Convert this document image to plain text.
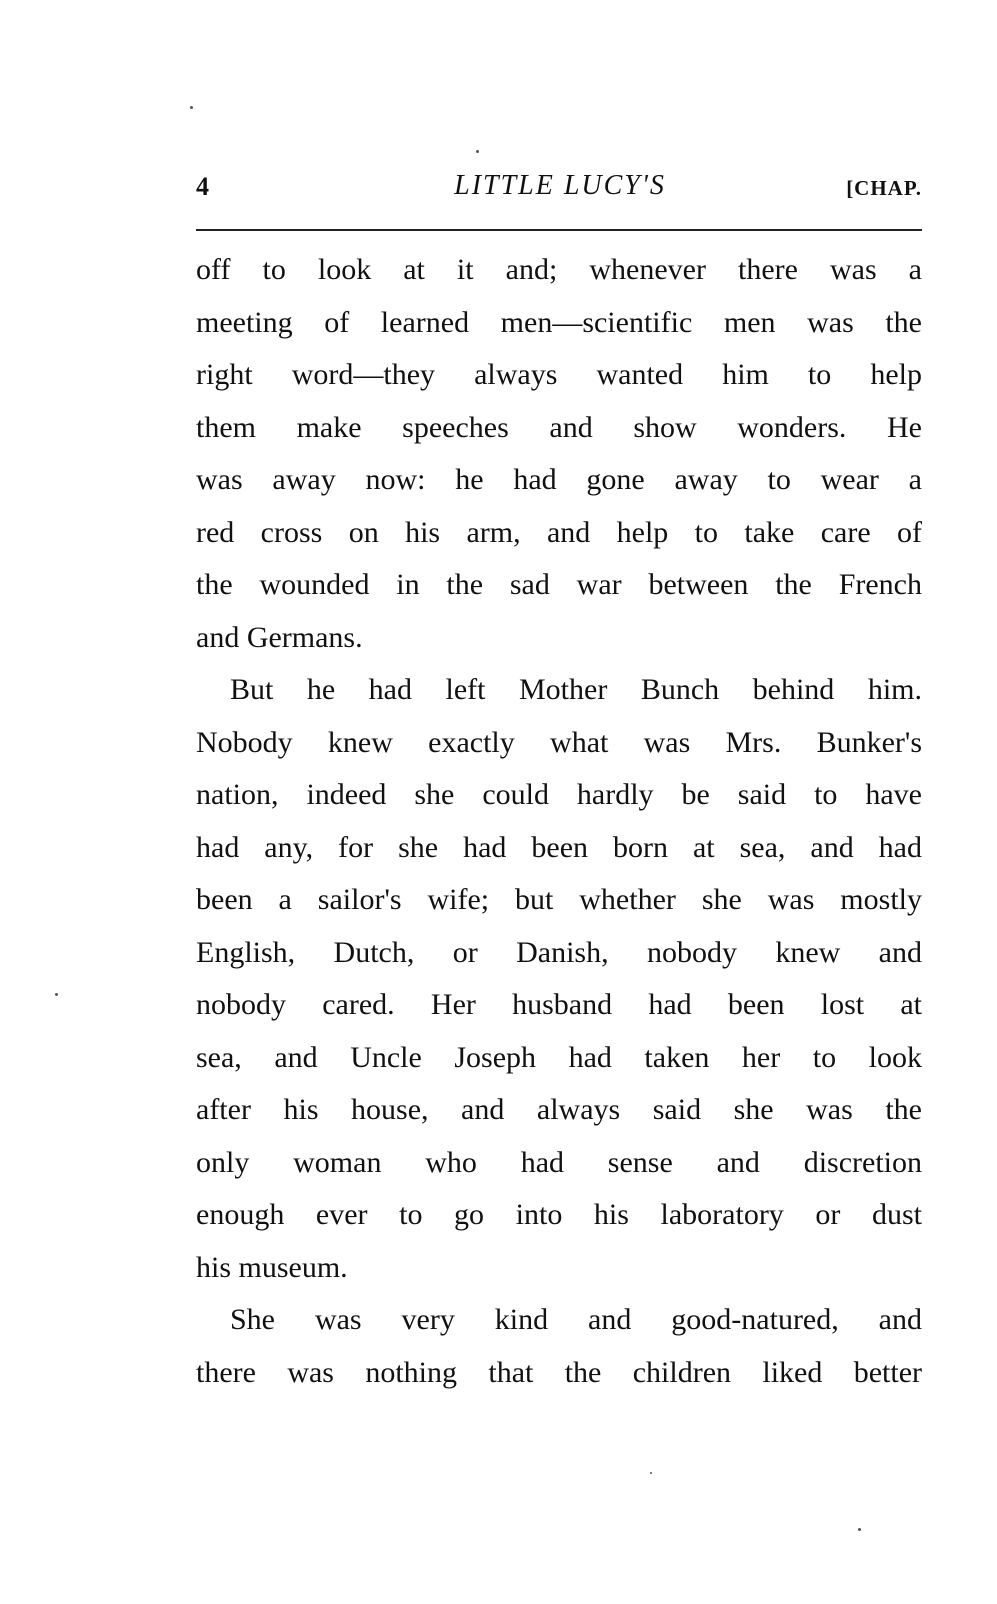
4	LITTLE LUCY'S	[CHAP.
off to look at it and; whenever there was a
meeting of learned men—scientific men was the
right word—they always wanted him to help
them make speeches and show wonders. He
was away now: he had gone away to wear a
red cross on his arm, and help to take care of
the wounded in the sad war between the French
and Germans.
But he had left Mother Bunch behind him.
Nobody knew exactly what was Mrs. Bunker's
nation, indeed she could hardly be said to have
had any, for she had been born at sea, and had
been a sailor's wife; but whether she was mostly
English, Dutch, or Danish, nobody knew and
nobody cared. Her husband had been lost at
sea, and Uncle Joseph had taken her to look
after his house, and always said she was the
only woman who had sense and discretion
enough ever to go into his laboratory or dust
his museum.
She was very kind and good-natured, and
there was nothing that the children liked better
